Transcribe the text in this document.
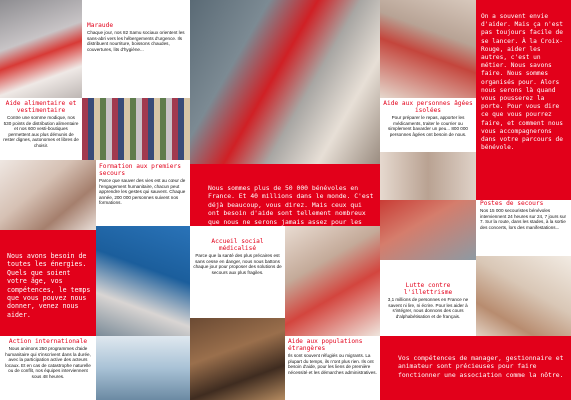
Maraude
Chaque jour, nos 82 Samu sociaux orientent les sans-abri vers les hébergements d'urgence. Ils distribuent nourriture, boissons chaudes, couvertures, lits d'hygiène...
Aide alimentaire et vestimentaire
Contre une somme modique, nos 530 points de distribution alimentaire et nos 600 vesti-boutiques permettent aux plus démunis de rester dignes, autonomes et libres de choisir.
Formation aux premiers secours
Parce que sauver des vies est au cœur de l'engagement humanitaire, chacun peut apprendre les gestes qui sauvent. Chaque année, 200 000 personnes suivent nos formations.
Nous avons besoin de toutes les énergies. Quels que soient votre âge, vos compétences, le temps que vous pouvez nous donner, venez nous aider.
Action internationale
Nous animons 250 programmes d'aide humanitaire qui s'inscrivent dans la durée, avec la participation active des acteurs locaux. Et en cas de catastrophe naturelle ou de conflit, nos équipes interviennent sous 48 heures.
Nous sommes plus de 50 000 bénévoles en France. Et 40 millions dans le monde. C'est déjà beaucoup, vous direz. Mais ceux qui ont besoin d'aide sont tellement nombreux que nous ne serons jamais assez pour les
Accueil social médicalisé
Parce que la santé des plus précaires est sans cesse en danger, nous nous battons chaque jour pour proposer des solutions de secours aux plus fragiles.
Aide aux populations étrangères
Ils sont souvent réfugiés ou migrants. La plupart du temps, ils n'ont plus rien. Ils ont besoin d'aide, pour les liens de première nécessité et les démarches administratives.
On a souvent envie d'aider. Mais ça n'est pas toujours facile de se lancer. À la Croix-Rouge, aider les autres, c'est un métier. Nous savons faire. Nous sommes organisés pour. Alors nous serons là quand vous pousserez la porte. Pour vous dire ce que vous pourrez faire, et comment nous vous accompagnerons dans votre parcours de bénévole.
Aide aux personnes âgées isolées
Pour préparer le repas, apporter les médicaments, traiter le courrier ou simplement bavarder un peu... 800 000 personnes âgées ont besoin de nous.
Postes de secours
Nos 15 000 secouristes bénévoles interviennent 24 heures sur 24, 7 jours sur 7. Sur la route, dans les stades, à la sortie des concerts, lors des manifestations...
Lutte contre l'illettrisme
3,1 millions de personnes en France ne savent ni lire, ni écrire. Pour les aider à s'intégrer, nous donnons des cours d'alphabétisation et de français.
Vos compétences de manager, gestionnaire et animateur sont précieuses pour faire fonctionner une association comme la nôtre.
